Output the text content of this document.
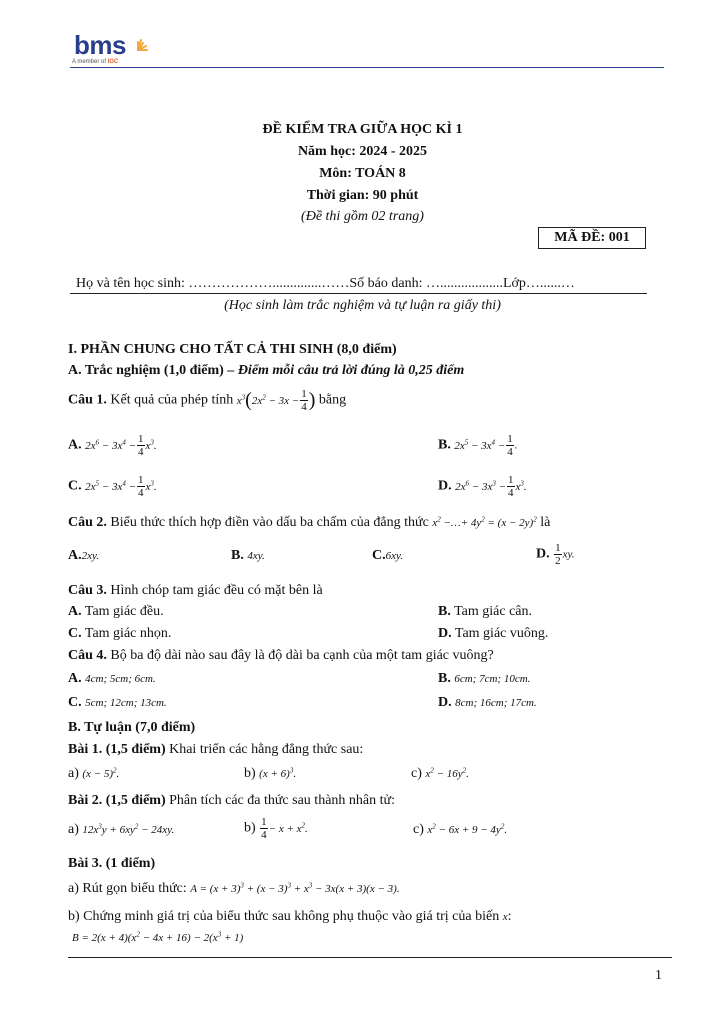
bms
A member of IGC
ĐỀ KIỂM TRA GIỮA HỌC KÌ 1
Năm học: 2024 - 2025
Môn: TOÁN 8
Thời gian: 90 phút
(Đề thi gồm 02 trang)
MÃ ĐỀ: 001
Họ và tên học sinh: ………………..............……Số báo danh: …..................Lớp…......…
(Học sinh làm trắc nghiệm và tự luận ra giấy thi)
I. PHẦN CHUNG CHO TẤT CẢ THI SINH (8,0 điểm)
A. Trắc nghiệm (1,0 điểm) – Điểm mỗi câu trả lời đúng là 0,25 điểm
Câu 1. Kết quả của phép tính $x^3(2x^2 - 3x - \frac{1}{4}$ ) bằng
A. $2x^6 - 3x^4 - \frac{1}{4} x^3$.	B. $2x^5 - 3x^4 - \frac{1}{4}$ .
C. $2x^5 - 3x^4 - \frac{1}{4} x^3$.	D. $2x^6 - 3x^3 - \frac{1}{4} x^3$.
Câu 2. Biểu thức thích hợp điền vào dấu ba chấm của đẳng thức $x^2$ −…+ $4y^2 = (x - 2y)^2$ là
A.2xy.	B. 4xy.	C.6xy.	D. $\frac{1}{2}$ xy.
Câu 3. Hình chóp tam giác đều có mặt bên là
A. Tam giác đều.	B. Tam giác cân.
C. Tam giác nhọn.	D. Tam giác vuông.
Câu 4. Bộ ba độ dài nào sau đây là độ dài ba cạnh của một tam giác vuông?
A. 4cm; 5cm; 6cm.	B. 6cm; 7cm; 10cm.
C. 5cm; 12cm; 13cm.	D. 8cm; 16cm; 17cm.
B. Tự luận (7,0 điểm)
Bài 1. (1,5 điểm) Khai triển các hằng đẳng thức sau:
a) $(x - 5)^2$.	b) $(x + 6)^3$.	c) $x^2 - 16y^2$.
Bài 2. (1,5 điểm) Phân tích các đa thức sau thành nhân tử:
a) $12x^3y + 6xy^2 - 24xy$.	$b) \frac{1}{4} - x + x^2$.	c) $x^2 - 6x + 9 - 4y^2$.
Bài 3. (1 điểm)
a) Rút gọn biểu thức: $A = (x + 3)^3 + (x - 3)^3 + x^3 - 3x(x + 3)(x - 3)$.
b) Chứng minh giá trị của biểu thức sau không phụ thuộc vào giá trị của biến x:
$B = 2(x + 4)(x^2 - 4x + 16) - 2(x^3 + 1)$
1
